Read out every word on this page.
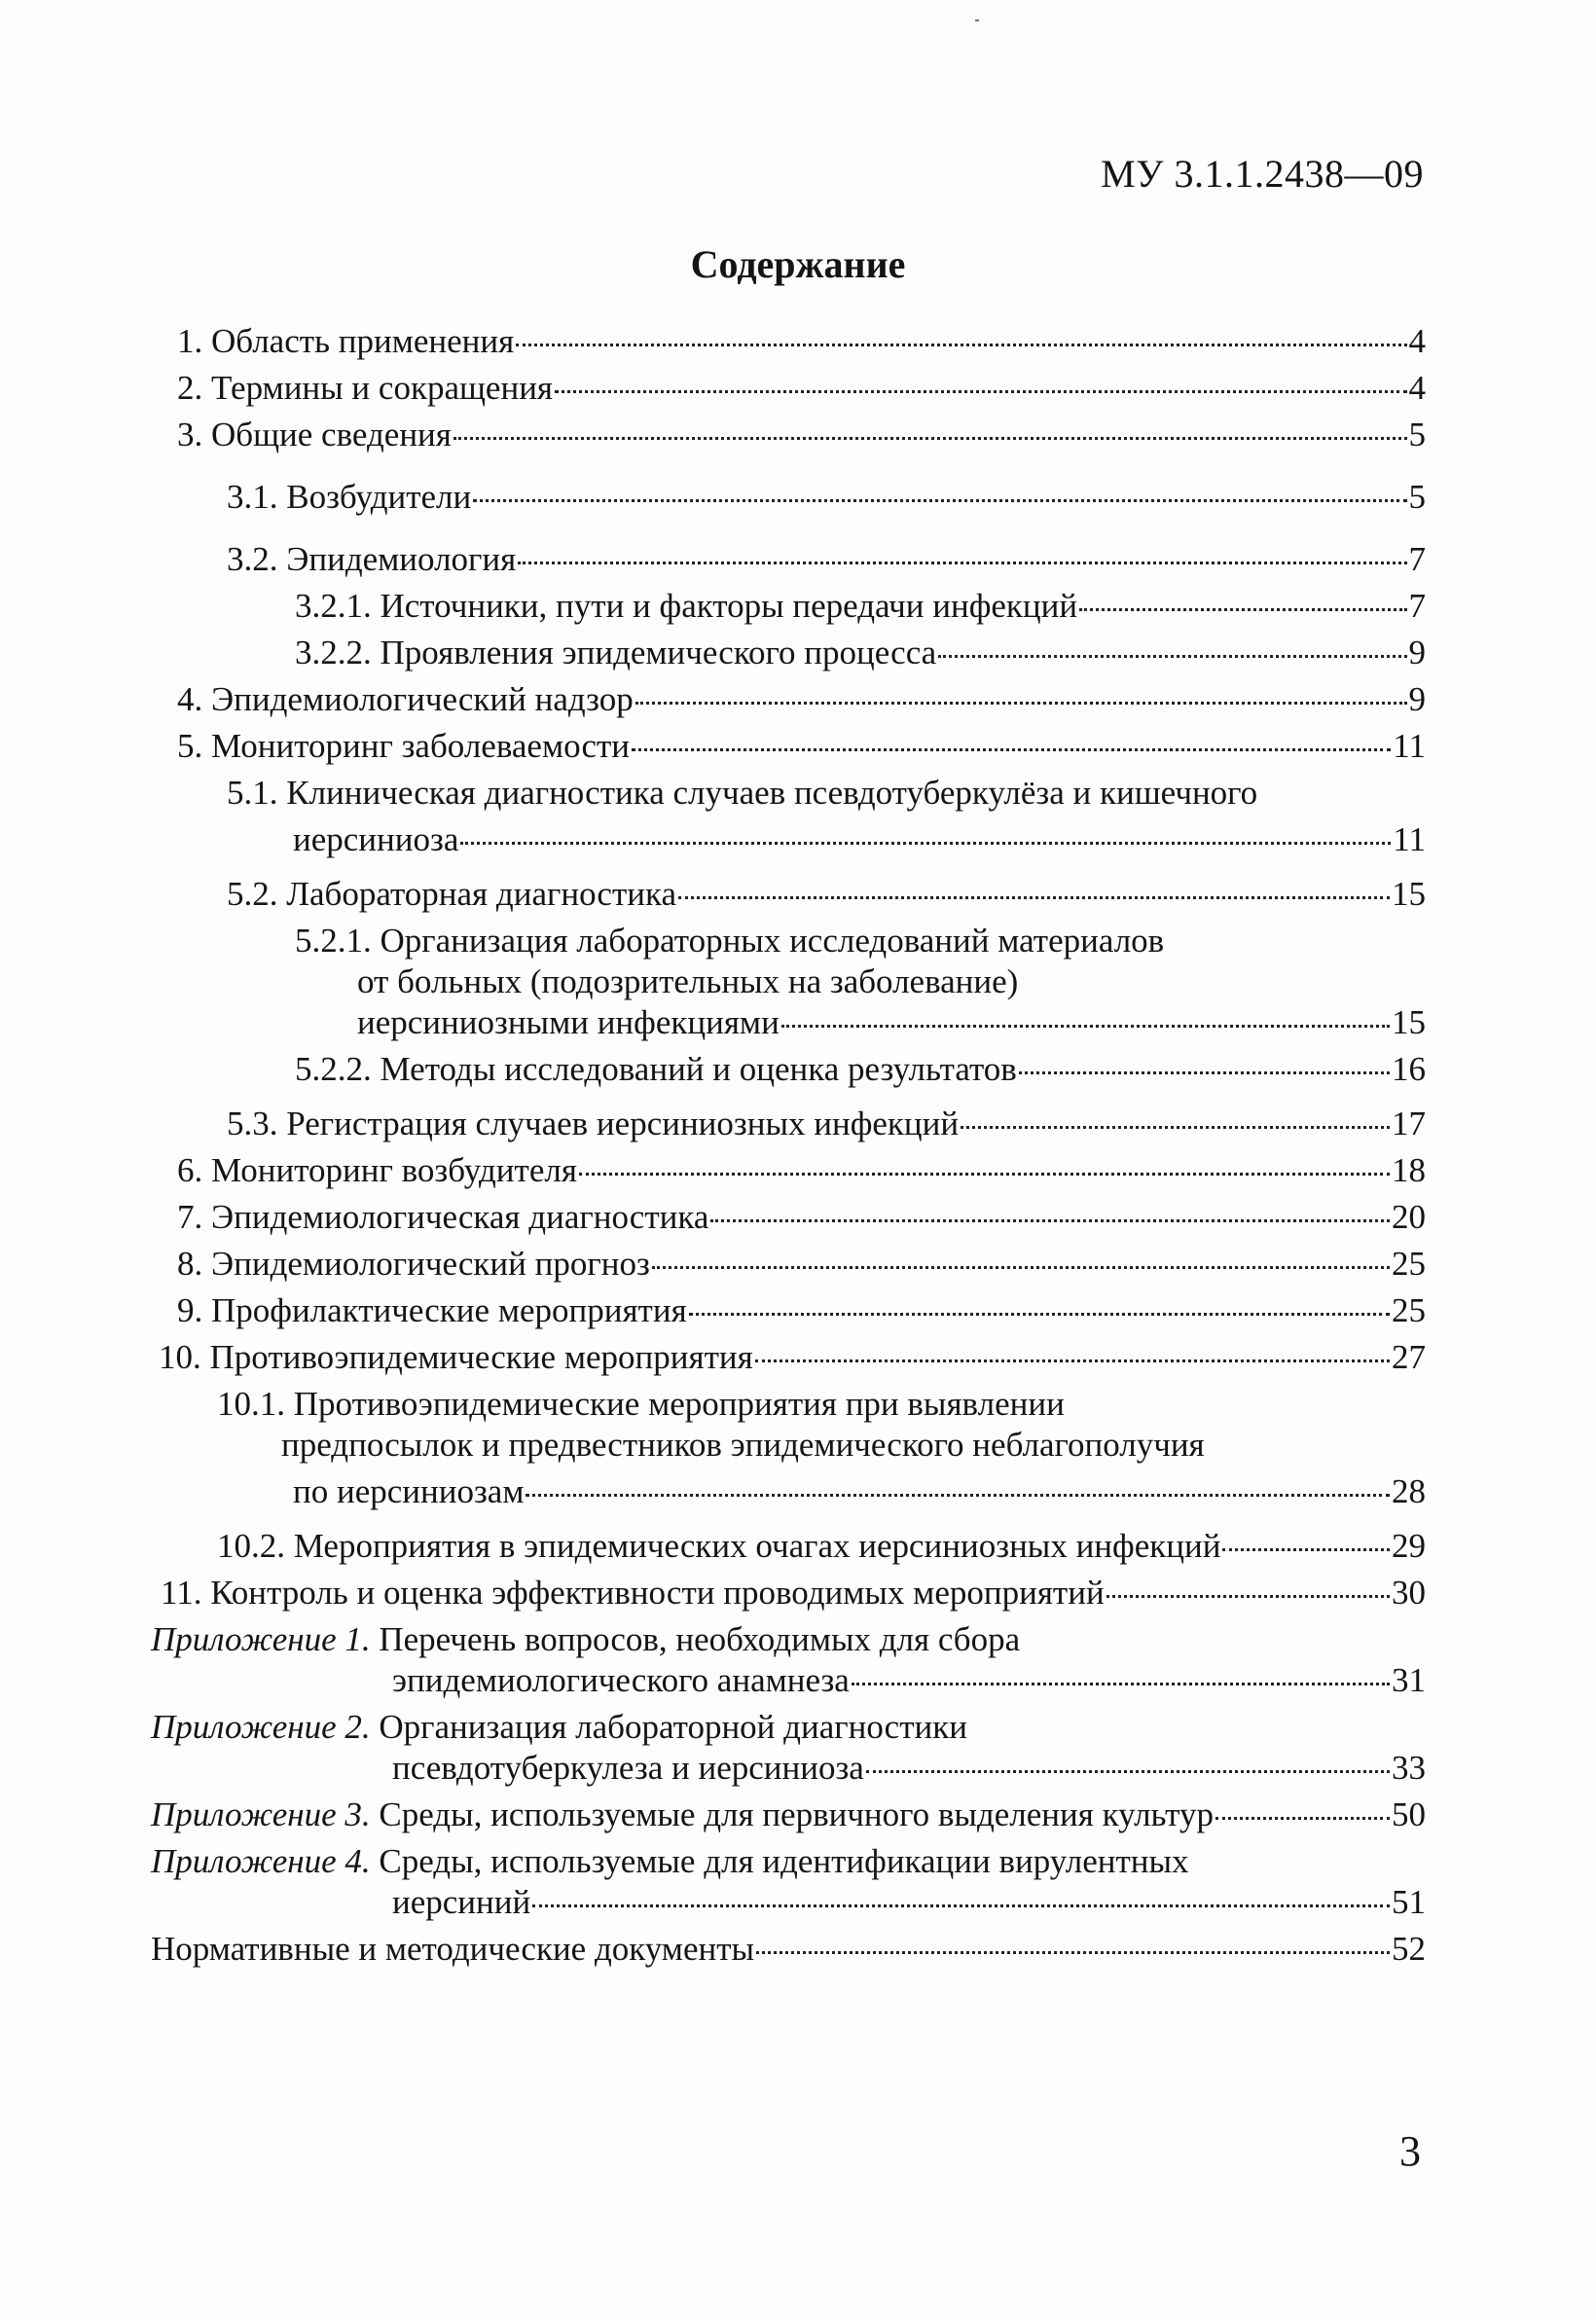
МУ 3.1.1.2438—09
Содержание
1. Область применения	4
2. Термины и сокращения	4
3. Общие сведения	5
3.1. Возбудители	5
3.2. Эпидемиология	7
3.2.1. Источники, пути и факторы передачи инфекций	7
3.2.2. Проявления эпидемического процесса	9
4. Эпидемиологический надзор	9
5. Мониторинг заболеваемости	11
5.1. Клиническая диагностика случаев псевдотуберкулёза и кишечного
иерсиниоза	11
5.2. Лабораторная диагностика	15
5.2.1. Организация лабораторных исследований материалов
от больных (подозрительных на заболевание)
иерсиниозными инфекциями	15
5.2.2. Методы исследований и оценка результатов	16
5.3. Регистрация случаев иерсиниозных инфекций	17
6. Мониторинг возбудителя	18
7. Эпидемиологическая диагностика	20
8. Эпидемиологический прогноз	25
9. Профилактические мероприятия	25
10. Противоэпидемические мероприятия	27
10.1. Противоэпидемические мероприятия при выявлении
предпосылок и предвестников эпидемического неблагополучия
по иерсиниозам	28
10.2. Мероприятия в эпидемических очагах иерсиниозных инфекций	29
11. Контроль и оценка эффективности проводимых мероприятий	30
Приложение 1. Перечень вопросов, необходимых для сбора
эпидемиологического анамнеза	31
Приложение 2. Организация лабораторной диагностики
псевдотуберкулеза и иерсиниоза	33
Приложение 3. Среды, используемые для первичного выделения культур	50
Приложение 4. Среды, используемые для идентификации вирулентных
иерсиний	51
Нормативные и методические документы	52
3
